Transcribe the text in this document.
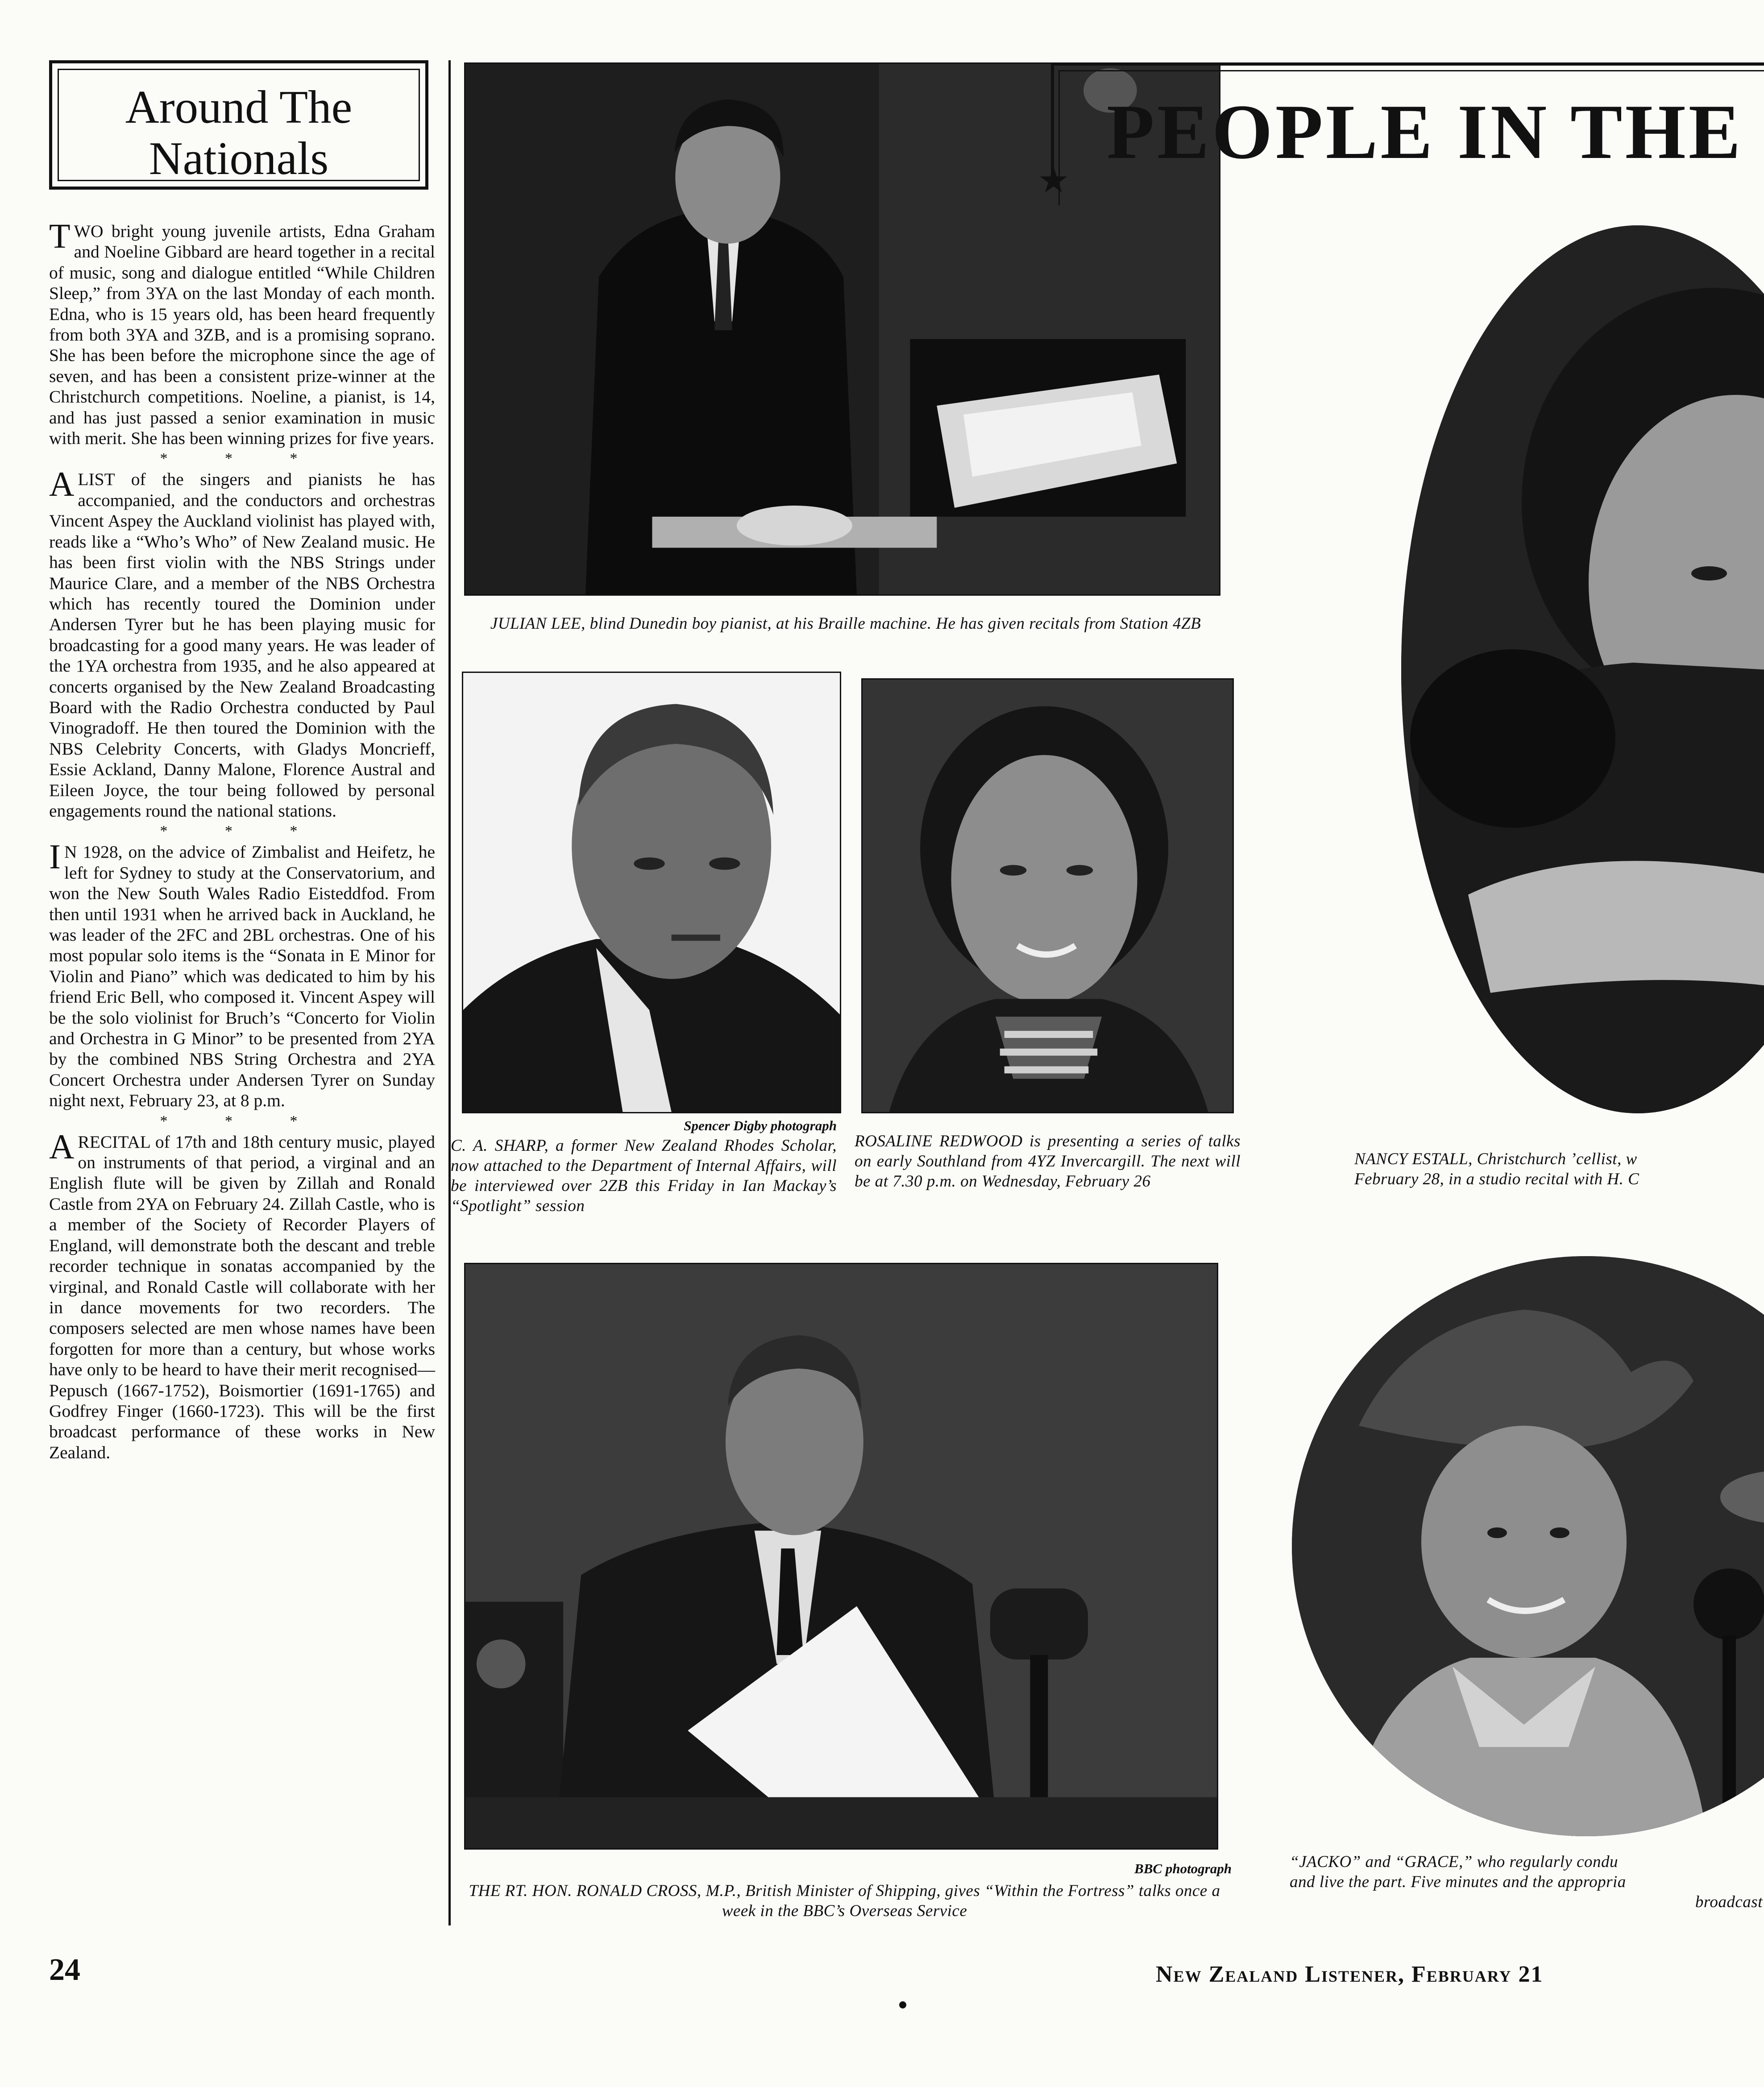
Around The
Nationals

TWO bright young juvenile artists, Edna Graham and Noeline Gibbard are heard together in a recital of music, song and dialogue entitled “While Children Sleep,” from 3YA on the last Monday of each month. Edna, who is 15 years old, has been heard frequently from both 3YA and 3ZB, and is a promising soprano. She has been before the microphone since the age of seven, and has been a consistent prize-winner at the Christchurch competitions. Noeline, a pianist, is 14, and has just passed a senior examination in music with merit. She has been winning prizes for five years.

* * *

ALIST of the singers and pianists he has accompanied, and the conductors and orchestras Vincent Aspey the Auckland violinist has played with, reads like a “Who’s Who” of New Zealand music. He has been first violin with the NBS Strings under Maurice Clare, and a member of the NBS Orchestra which has recently toured the Dominion under Andersen Tyrer but he has been playing music for broadcasting for a good many years. He was leader of the 1YA orchestra from 1935, and he also appeared at concerts organised by the New Zealand Broadcasting Board with the Radio Orchestra conducted by Paul Vinogradoff. He then toured the Dominion with the NBS Celebrity Concerts, with Gladys Moncrieff, Essie Ackland, Danny Malone, Florence Austral and Eileen Joyce, the tour being followed by personal engagements round the national stations.

* * *

I N 1928, on the advice of Zimbalist and Heifetz, he left for Sydney to study at the Conservatorium, and won the New South Wales Radio Eisteddfod. From then until 1931 when he arrived back in Auckland, he was leader of the 2FC and 2BL orchestras. One of his most popular solo items is the “Sonata in E Minor for Violin and Piano” which was dedicated to him by his friend Eric Bell, who composed it. Vincent Aspey will be the solo violinist for Bruch’s “Concerto for Violin and Orchestra in G Minor” to be presented from 2YA by the combined NBS String Orchestra and 2YA Concert Orchestra under Andersen Tyrer on Sunday night next, February 23, at 8 p.m.

* * *

ARECITAL of 17th and 18th century music, played on instruments of that period, a virginal and an English flute will be given by Zillah and Ronald Castle from 2YA on February 24. Zillah Castle, who is a member of the Society of Recorder Players of England, will demonstrate both the descant and treble recorder technique in sonatas accompanied by the virginal, and Ronald Castle will collaborate with her in dance movements for two recorders. The composers selected are men whose names have been forgotten for more than a century, but whose works have only to be heard to have their merit recognised—Pepusch (1667-1752), Boismortier (1691-1765) and Godfrey Finger (1660-1723). This will be the first broadcast performance of these works in New Zealand.

JULIAN LEE, blind Dunedin boy pianist, at his Braille machine. He has given recitals from Station 4ZB
Spencer Digby photograph
C. A. SHARP, a former New Zealand Rhodes Scholar, now attached to the Department of Internal Affairs, will be interviewed over 2ZB this Friday in Ian Mackay’s “Spotlight” session
ROSALINE REDWOOD is presenting a series of talks on early Southland from 4YZ Invercargill. The next will be at 7.30 p.m. on Wednesday, February 26
BBC photograph
THE RT. HON. RONALD CROSS, M.P., British Minister of Shipping, gives “Within the Fortress” talks once a week in the BBC’s Overseas Service
PEOPLE IN THE
★
NANCY ESTALL, Christchurch ’cellist, w
February 28, in a studio recital with H. C
“JACKO” and “GRACE,” who regularly condu
and live the part. Five minutes and the appropria
broadcast
24	New Zealand Listener, February 21
